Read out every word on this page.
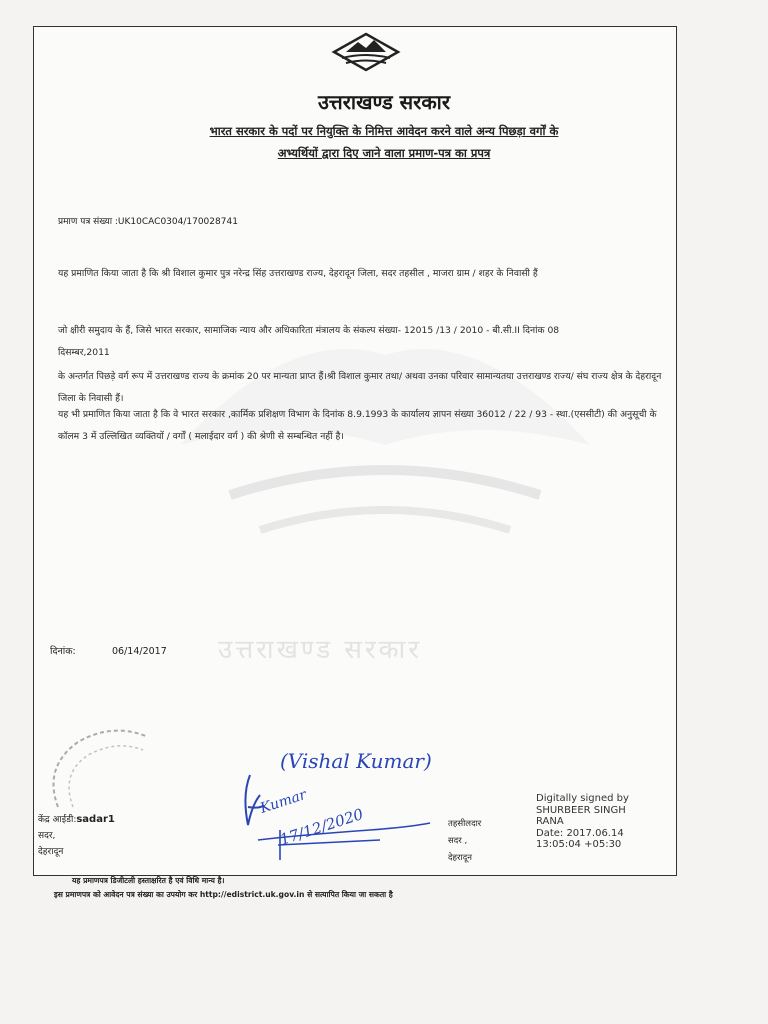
उत्तराखण्ड सरकार
उत्तराखण्ड सरकार
भारत सरकार के पदों पर नियुक्ति के निमित्त आवेदन करने वाले अन्य पिछड़ा वर्गों के
अभ्यर्थियों द्वारा दिए जाने वाला प्रमाण-पत्र का प्रपत्र
प्रमाण पत्र संख्या :UK10CAC0304/170028741
यह प्रमाणित किया जाता है कि श्री विशाल कुमार पुत्र नरेन्द्र सिंह उत्तराखण्ड राज्य, देहरादून जिला, सदर तहसील , माजरा ग्राम / शहर के निवासी हैं
जो क्षीरी समुदाय के हैं, जिसे भारत सरकार, सामाजिक न्याय और अधिकारिता मंत्रालय के संकल्प संख्या- 12015 /13 / 2010 - बी.सी.II दिनांक 08 दिसम्बर,2011
के अन्तर्गत पिछड़े वर्ग रूप में उत्तराखण्ड राज्य के क्रमांक 20 पर मान्यता प्राप्त हैं।श्री विशाल कुमार तथा/ अथवा उनका परिवार सामान्यतया उत्तराखण्ड राज्य/ संघ राज्य क्षेत्र के देहरादून जिला के निवासी हैं।
यह भी प्रमाणित किया जाता है कि वे भारत सरकार ,कार्मिक प्रशिक्षण विभाग के दिनांक 8.9.1993 के कार्यालय ज्ञापन संख्या 36012 / 22 / 93 - स्था.(एससीटी) की अनुसूची के कॉलम 3 में उल्लिखित व्यक्तियों / वर्गों ( मलाईदार वर्ग ) की श्रेणी से सम्बन्धित नहीं है।
दिनांक:	06/14/2017
(Vishal Kumar)
Kumar
17/12/2020
केंद्र आईडी:sadar1
सदर,
देहरादून
तहसीलदार
सदर ,
देहरादून
Digitally signed by
SHURBEER SINGH
RANA
Date: 2017.06.14
13:05:04 +05:30
यह प्रमाणपत्र डिजीटली हस्ताक्षरित है एवं विधि मान्य है।
इस प्रमाणपत्र को आवेदन पत्र संख्या का उपयोग कर http://edistrict.uk.gov.in से सत्यापित किया जा सकता है
